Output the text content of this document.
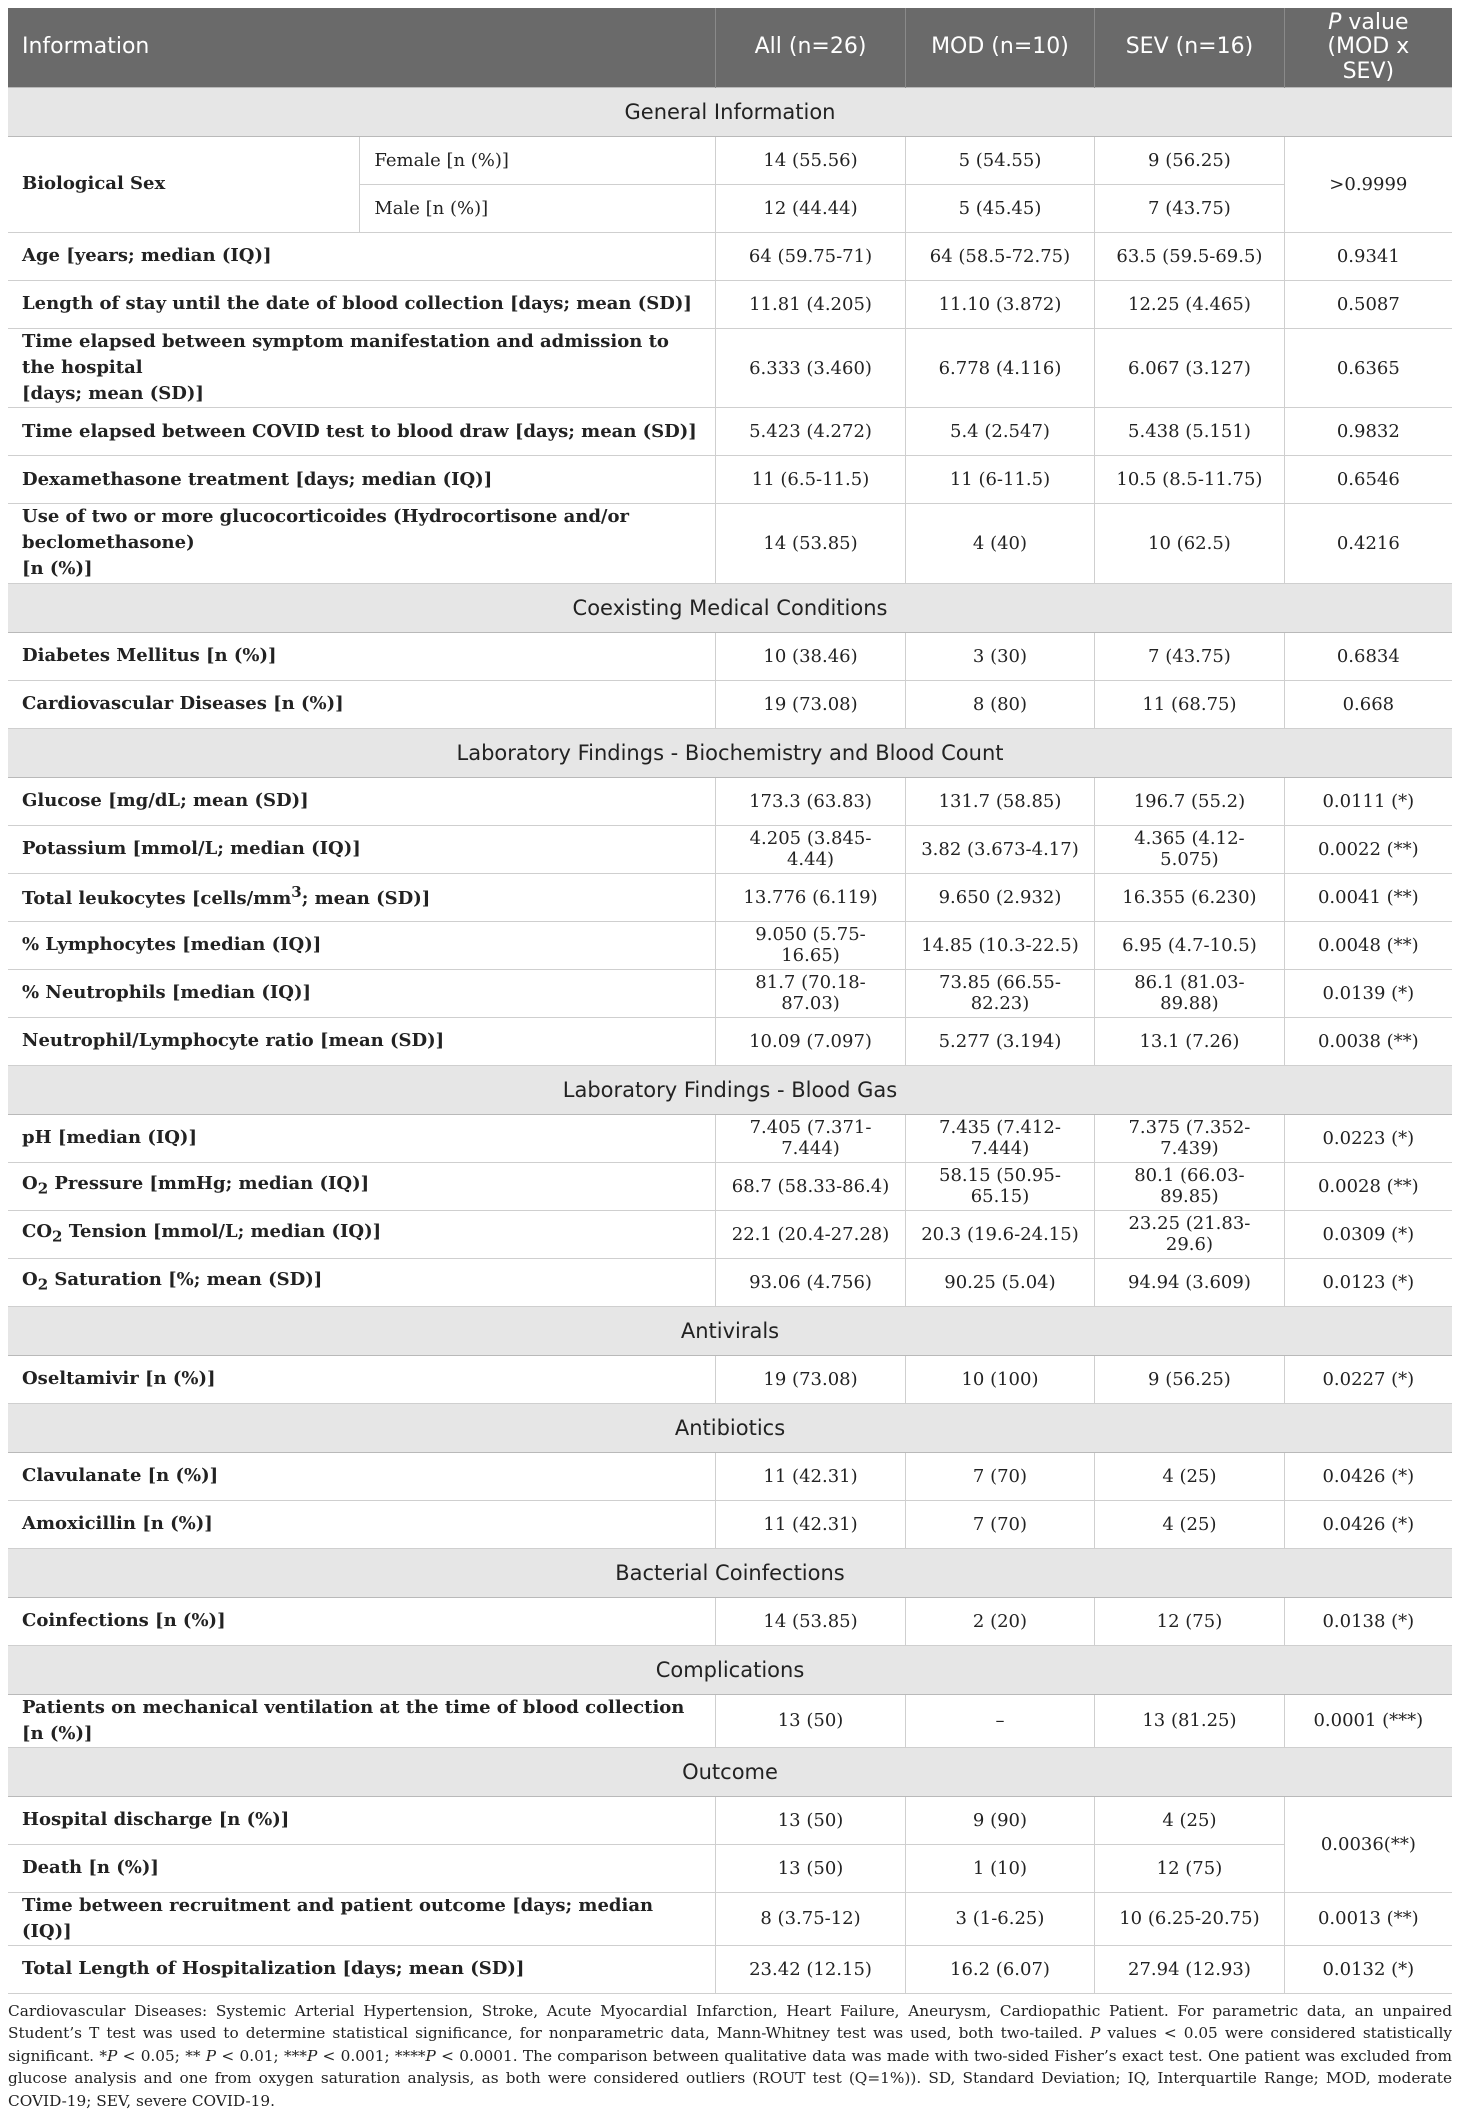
Information		All (n=26)	MOD (n=10)	SEV (n=16)	P value
(MOD x SEV)
General Information					
Biological Sex	Female [n (%)]	14 (55.56)	5 (54.55)	9 (56.25)	>0.9999
	Male [n (%)]	12 (44.44)	5 (45.45)	7 (43.75)	
Age [years; median (IQ)]		64 (59.75-71)	64 (58.5-72.75)	63.5 (59.5-69.5)	0.9341
Length of stay until the date of blood collection [days; mean (SD)]		11.81 (4.205)	11.10 (3.872)	12.25 (4.465)	0.5087
Time elapsed between symptom manifestation and admission to the hospital
[days; mean (SD)]		6.333 (3.460)	6.778 (4.116)	6.067 (3.127)	0.6365
Time elapsed between COVID test to blood draw [days; mean (SD)]		5.423 (4.272)	5.4 (2.547)	5.438 (5.151)	0.9832
Dexamethasone treatment [days; median (IQ)]		11 (6.5-11.5)	11 (6-11.5)	10.5 (8.5-11.75)	0.6546
Use of two or more glucocorticoides (Hydrocortisone and/or beclomethasone)
[n (%)]		14 (53.85)	4 (40)	10 (62.5)	0.4216
Coexisting Medical Conditions					
Diabetes Mellitus [n (%)]		10 (38.46)	3 (30)	7 (43.75)	0.6834
Cardiovascular Diseases [n (%)]		19 (73.08)	8 (80)	11 (68.75)	0.668
Laboratory Findings - Biochemistry and Blood Count					
Glucose [mg/dL; mean (SD)]		173.3 (63.83)	131.7 (58.85)	196.7 (55.2)	0.0111 (*)
Potassium [mmol/L; median (IQ)]		4.205 (3.845-4.44)	3.82 (3.673-4.17)	4.365 (4.12-5.075)	0.0022 (**)
Total leukocytes [$cells/mm^3$; mean (SD)]		13.776 (6.119)	9.650 (2.932)	16.355 (6.230)	0.0041 (**)
% Lymphocytes [median (IQ)]		9.050 (5.75-16.65)	14.85 (10.3-22.5)	6.95 (4.7-10.5)	0.0048 (**)
% Neutrophils [median (IQ)]		81.7 (70.18-87.03)	73.85 (66.55-82.23)	86.1 (81.03-89.88)	0.0139 (*)
Neutrophil/Lymphocyte ratio [mean (SD)]		10.09 (7.097)	5.277 (3.194)	13.1 (7.26)	0.0038 (**)
Laboratory Findings - Blood Gas					
pH [median (IQ)]		7.405 (7.371-7.444)	7.435 (7.412-7.444)	7.375 (7.352-7.439)	0.0223 (*)
$O_2$ Pressure [mmHg; median (IQ)]		68.7 (58.33-86.4)	58.15 (50.95-65.15)	80.1 (66.03-89.85)	0.0028 (**)
$CO_2$ Tension [mmol/L; median (IQ)]		22.1 (20.4-27.28)	20.3 (19.6-24.15)	23.25 (21.83-29.6)	0.0309 (*)
$O_2$ Saturation [%; mean (SD)]		93.06 (4.756)	90.25 (5.04)	94.94 (3.609)	0.0123 (*)
Antivirals					
Oseltamivir [n (%)]		19 (73.08)	10 (100)	9 (56.25)	0.0227 (*)
Antibiotics					
Clavulanate [n (%)]		11 (42.31)	7 (70)	4 (25)	0.0426 (*)
Amoxicillin [n (%)]		11 (42.31)	7 (70)	4 (25)	0.0426 (*)
Bacterial Coinfections					
Coinfections [n (%)]		14 (53.85)	2 (20)	12 (75)	0.0138 (*)
Complications					
Patients on mechanical ventilation at the time of blood collection [n (%)]		13 (50)	–	13 (81.25)	0.0001 (***)
Outcome					
Hospital discharge [n (%)]		13 (50)	9 (90)	4 (25)	0.0036(**)
Death [n (%)]		13 (50)	1 (10)	12 (75)	
Time between recruitment and patient outcome [days; median (IQ)]		8 (3.75-12)	3 (1-6.25)	10 (6.25-20.75)	0.0013 (**)
Total Length of Hospitalization [days; mean (SD)]		23.42 (12.15)	16.2 (6.07)	27.94 (12.93)	0.0132 (*)
Cardiovascular Diseases: Systemic Arterial Hypertension, Stroke, Acute Myocardial Infarction, Heart Failure, Aneurysm, Cardiopathic Patient. For parametric data, an unpaired Student’s T test was used to determine statistical significance, for nonparametric data, Mann-Whitney test was used, both two-tailed. P values < 0.05 were considered statistically significant. *P < 0.05; ** P < 0.01; ***P < 0.001; ****P < 0.0001. The comparison between qualitative data was made with two-sided Fisher’s exact test. One patient was excluded from glucose analysis and one from oxygen saturation analysis, as both were considered outliers (ROUT test (Q=1%)). SD, Standard Deviation; IQ, Interquartile Range; MOD, moderate COVID-19; SEV, severe COVID-19.
